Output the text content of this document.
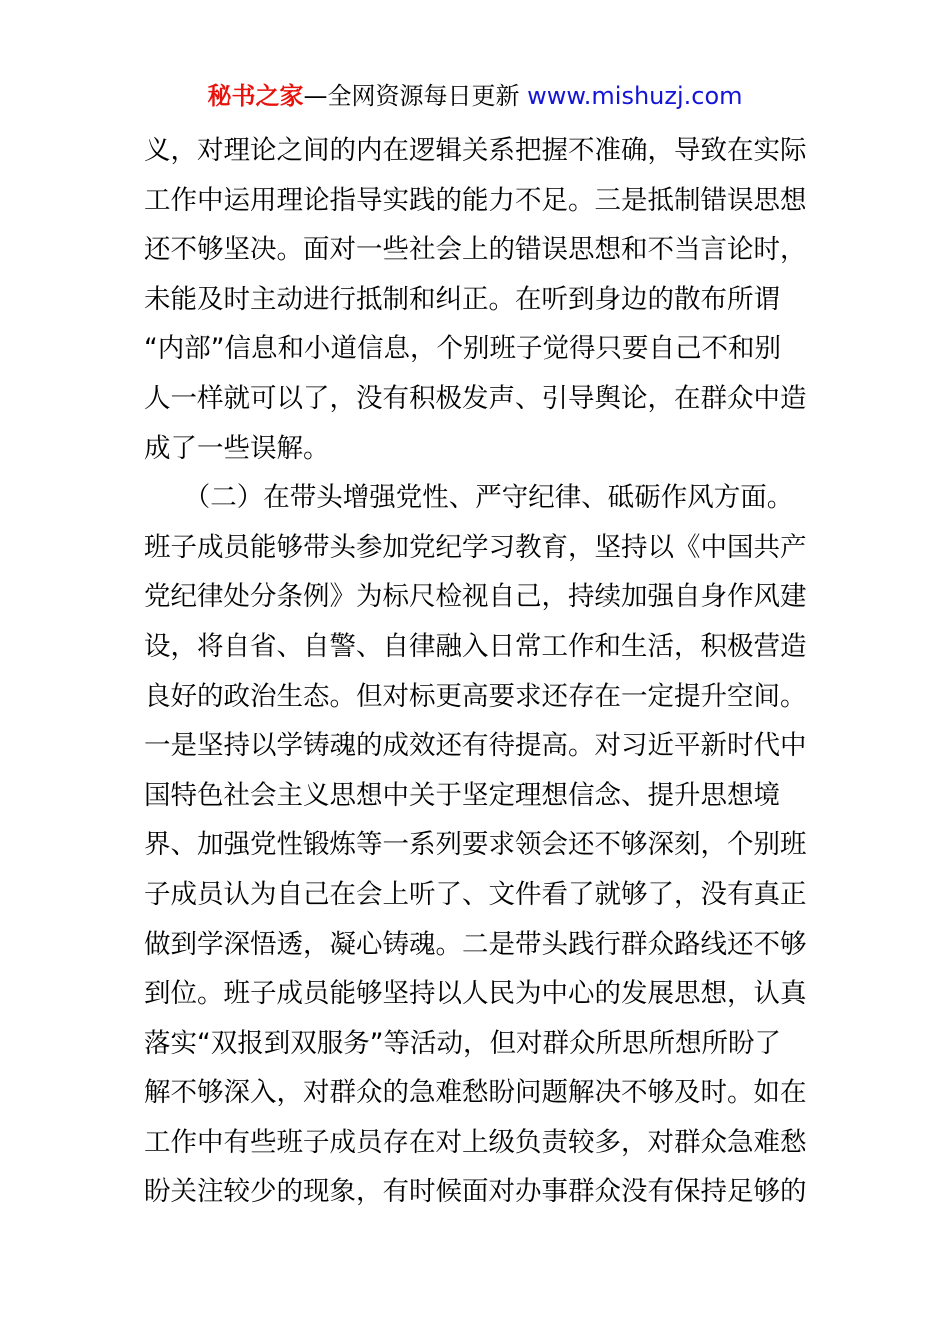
秘书之家—全网资源每日更新 www.mishuzj.com
义，对理论之间的内在逻辑关系把握不准确，导致在实际
工作中运用理论指导实践的能力不足。三是抵制错误思想
还不够坚决。面对一些社会上的错误思想和不当言论时，
未能及时主动进行抵制和纠正。在听到身边的散布所谓
“内部”信息和小道信息，个别班子觉得只要自己不和别
人一样就可以了，没有积极发声、引导舆论，在群众中造
成了一些误解。
　　（二）在带头增强党性、严守纪律、砥砺作风方面。
班子成员能够带头参加党纪学习教育，坚持以《中国共产
党纪律处分条例》为标尺检视自己，持续加强自身作风建
设，将自省、自警、自律融入日常工作和生活，积极营造
良好的政治生态。但对标更高要求还存在一定提升空间。
一是坚持以学铸魂的成效还有待提高。对习近平新时代中
国特色社会主义思想中关于坚定理想信念、提升思想境
界、加强党性锻炼等一系列要求领会还不够深刻，个别班
子成员认为自己在会上听了、文件看了就够了，没有真正
做到学深悟透，凝心铸魂。二是带头践行群众路线还不够
到位。班子成员能够坚持以人民为中心的发展思想，认真
落实“双报到双服务”等活动，但对群众所思所想所盼了
解不够深入，对群众的急难愁盼问题解决不够及时。如在
工作中有些班子成员存在对上级负责较多，对群众急难愁
盼关注较少的现象，有时候面对办事群众没有保持足够的
